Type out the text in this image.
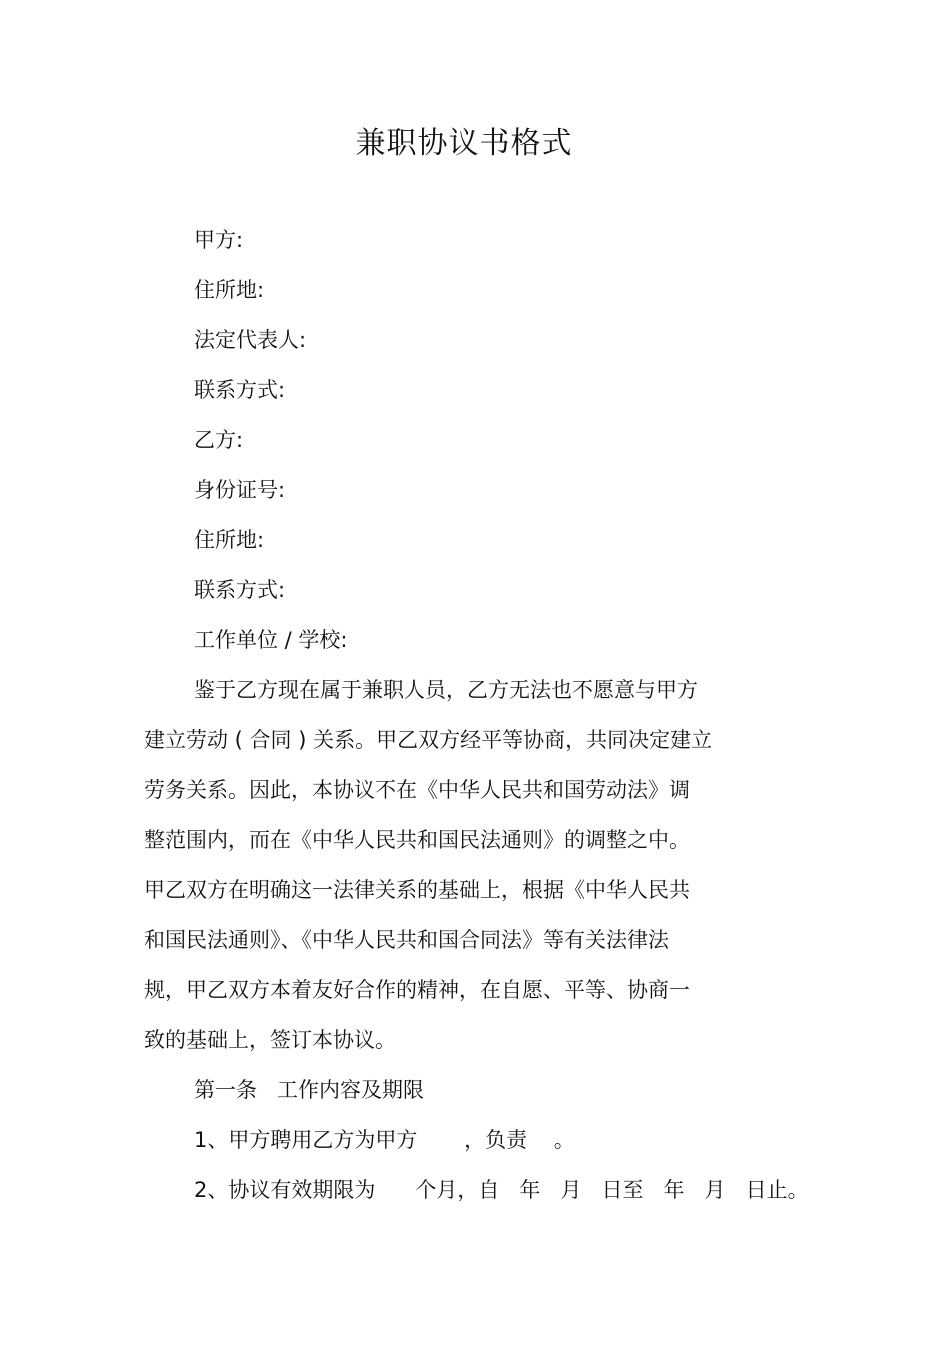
兼职协议书格式

甲方:

住所地:

法定代表人:

联系方式:

乙方:

身份证号:

住所地:

联系方式:

工作单位 / 学校:

鉴于乙方现在属于兼职人员，乙方无法也不愿意与甲方

建立劳动 ( 合同 ) 关系。甲乙双方经平等协商，共同决定建立

劳务关系。因此，本协议不在《中华人民共和国劳动法》调

整范围内，而在《中华人民共和国民法通则》的调整之中。

甲乙双方在明确这一法律关系的基础上，根据《中华人民共

和国民法通则》、《中华人民共和国合同法》等有关法律法

规，甲乙双方本着友好合作的精神，在自愿、平等、协商一

致的基础上，签订本协议。

第一条   工作内容及期限

1、甲方聘用乙方为甲方       ，负责    。

2、协议有效期限为      个月，自   年   月   日至   年   月   日止。
